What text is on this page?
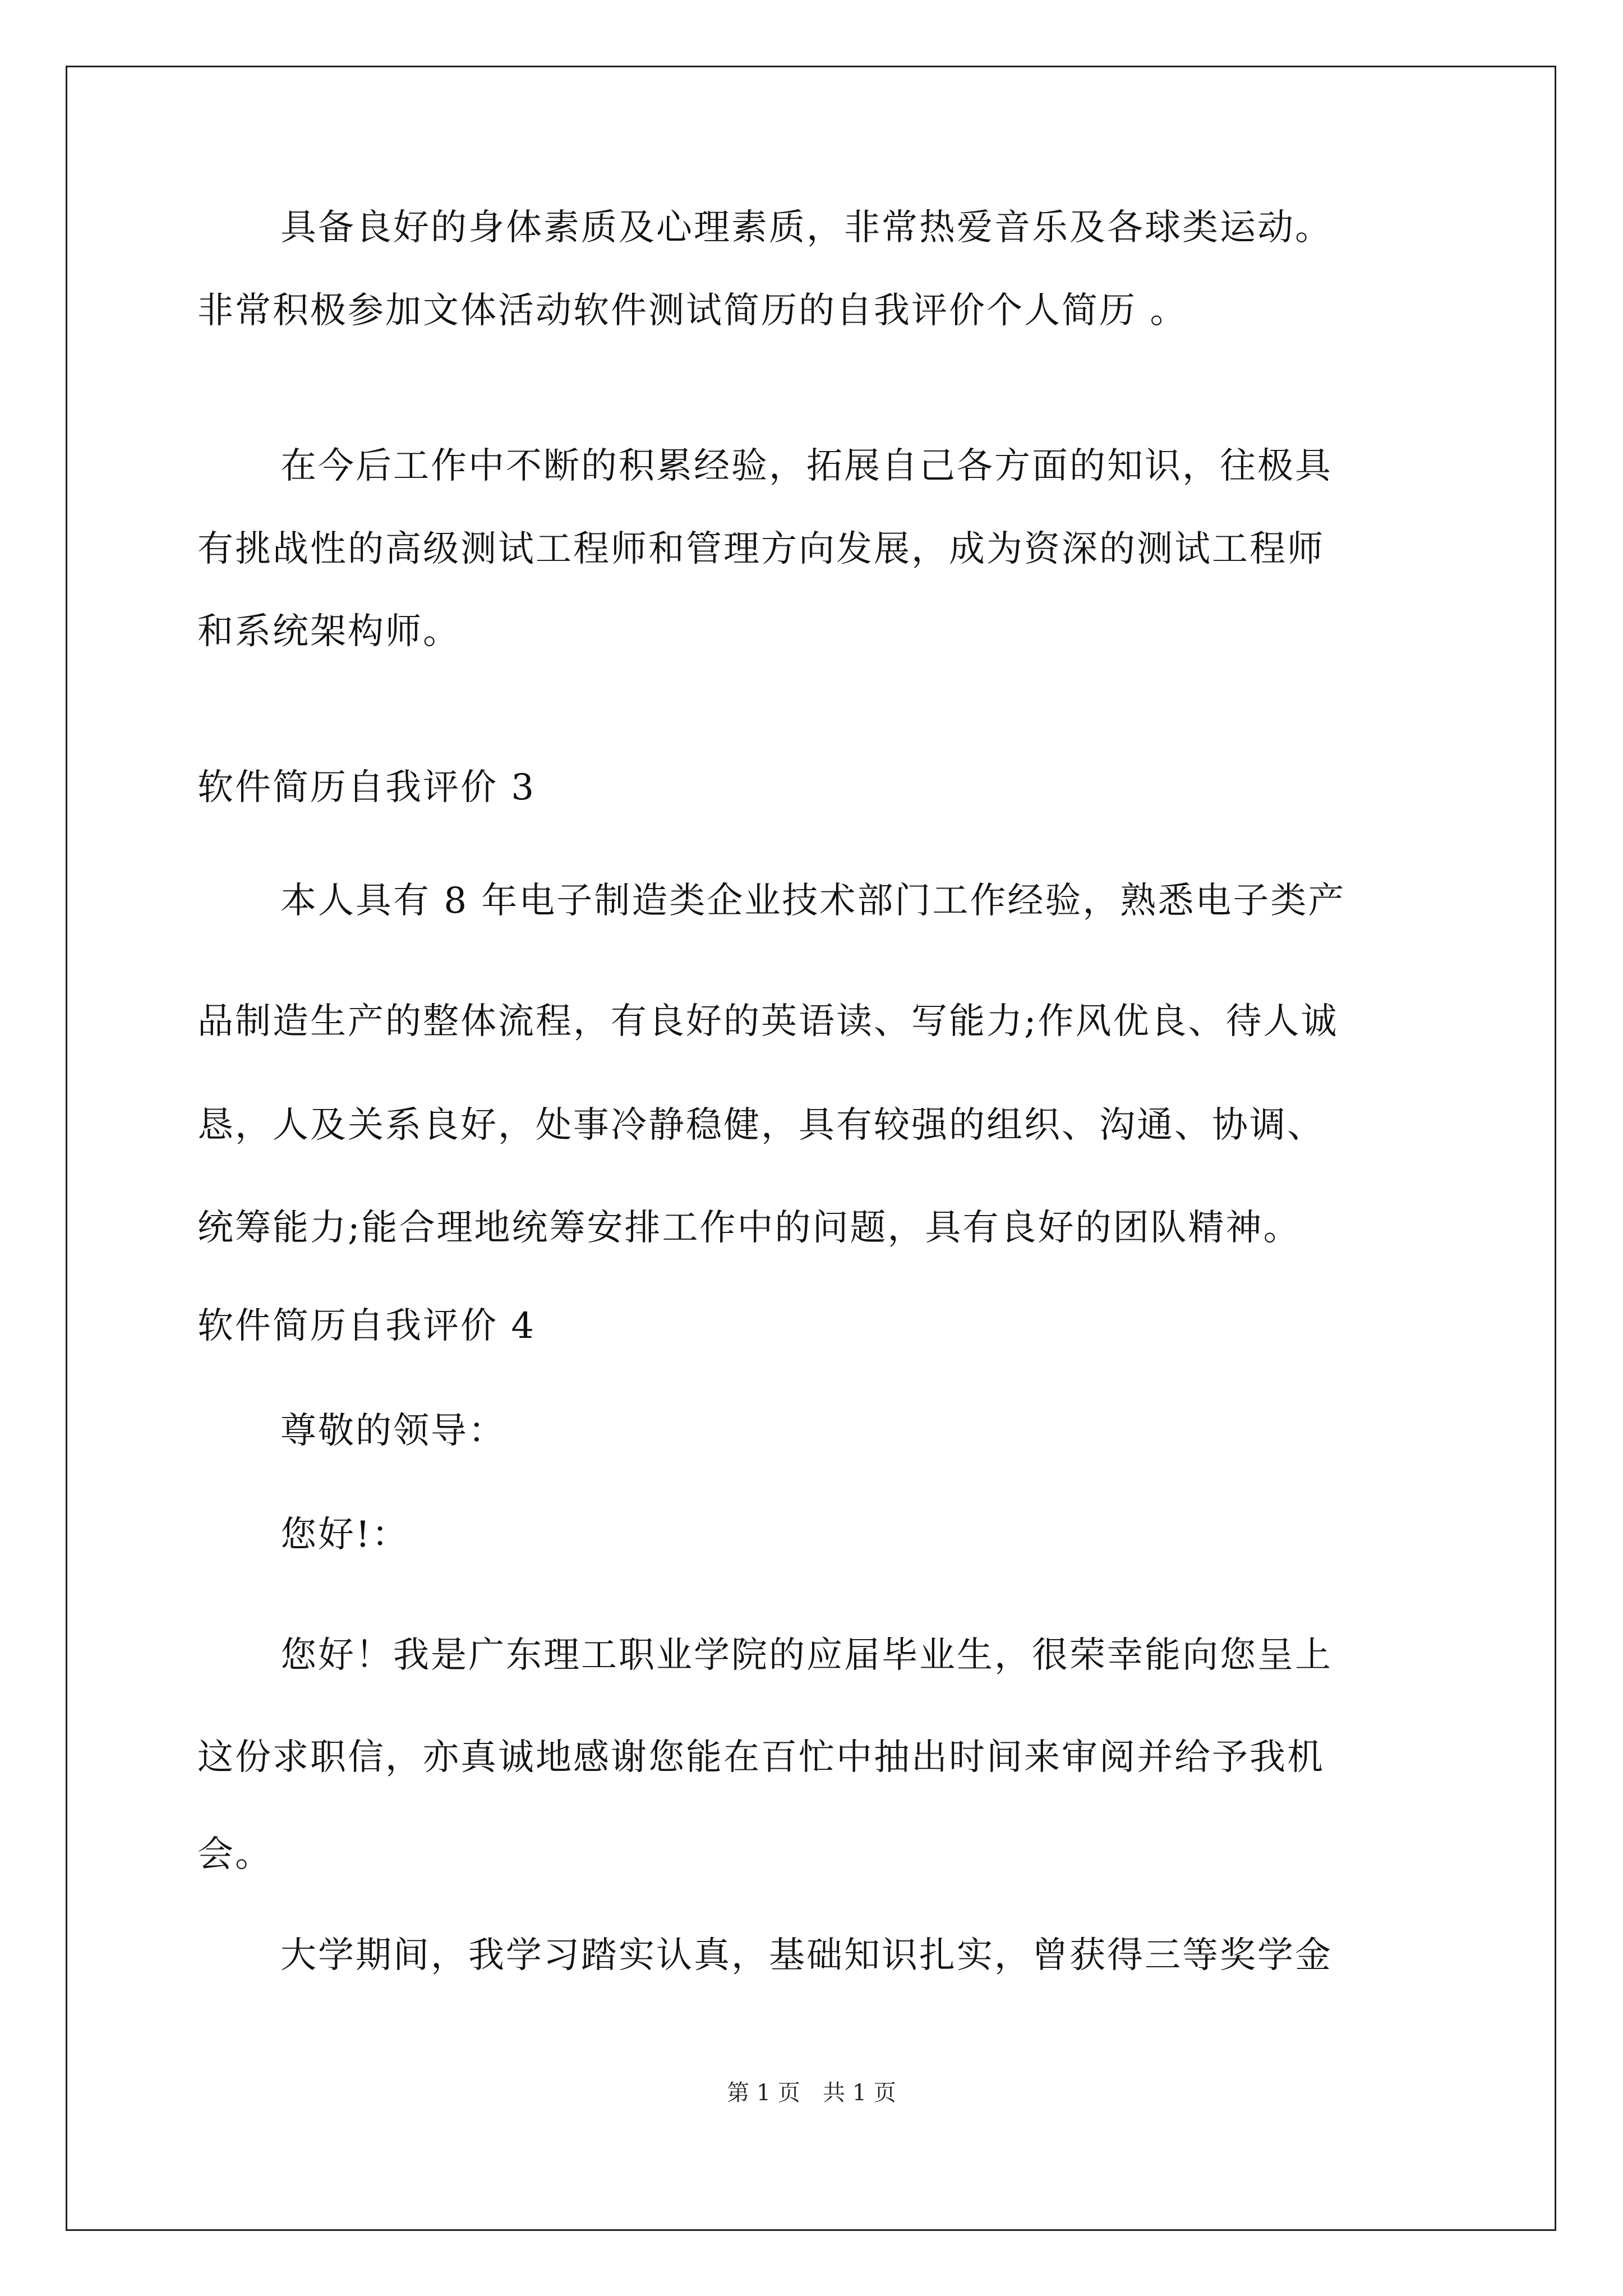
具备良好的身体素质及心理素质，非常热爱音乐及各球类运动。
非常积极参加文体活动软件测试简历的自我评价个人简历 。
在今后工作中不断的积累经验，拓展自己各方面的知识，往极具
有挑战性的高级测试工程师和管理方向发展，成为资深的测试工程师
和系统架构师。
软件简历自我评价 3
本人具有 8 年电子制造类企业技术部门工作经验，熟悉电子类产
品制造生产的整体流程，有良好的英语读、写能力;作风优良、待人诚
恳，人及关系良好，处事冷静稳健，具有较强的组织、沟通、协调、
统筹能力;能合理地统筹安排工作中的问题，具有良好的团队精神。
软件简历自我评价 4
尊敬的领导：
您好!：
您好！我是广东理工职业学院的应届毕业生，很荣幸能向您呈上
这份求职信，亦真诚地感谢您能在百忙中抽出时间来审阅并给予我机
会。
大学期间，我学习踏实认真，基础知识扎实，曾获得三等奖学金
第 1 页　共 1 页
